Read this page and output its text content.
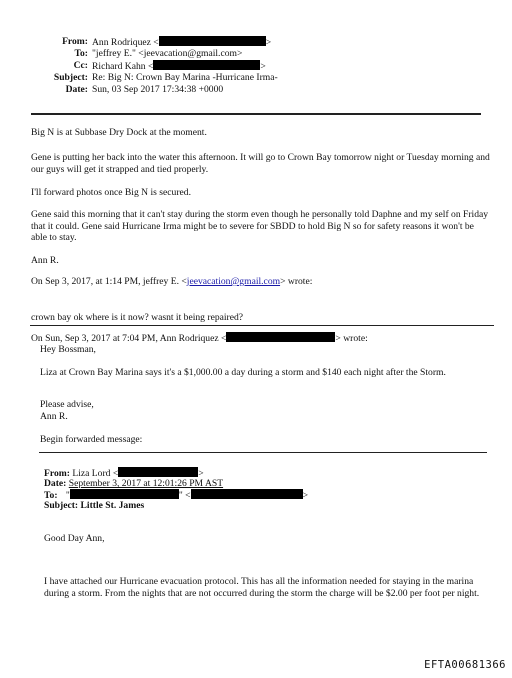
From: Ann Rodriquez <	>
To: "jeffrey E." <jeevacation@gmail.com>
Cc: Richard Kahn <	>
Subject: Re: Big N: Crown Bay Marina -Hurricane Irma-
Date: Sun, 03 Sep 2017 17:34:38 +0000
Big N is at Subbase Dry Dock at the moment.
Gene is putting her back into the water this afternoon. It will go to Crown Bay tomorrow night or Tuesday morning and our guys will get it strapped and tied properly.
I'll forward photos once Big N is secured.
Gene said this morning that it can't stay during the storm even though he personally told Daphne and my self on Friday that it could. Gene said Hurricane Irma might be to severe for SBDD to hold Big N so for safety reasons it won't be able to stay.
Ann R.
On Sep 3, 2017, at 1:14 PM, jeffrey E. <jeevacation@gmail.com> wrote:
crown bay ok where is it now? wasnt it being repaired?
On Sun, Sep 3, 2017 at 7:04 PM, Ann Rodriquez <	> wrote:
Hey Bossman,
Liza at Crown Bay Marina says it's a $1,000.00 a day during a storm and $140 each night after the Storm.
Please advise,
Ann R.
Begin forwarded message:
From: Liza Lord <	>
Date: September 3, 2017 at 12:01:26 PM AST
To: "	" <	>
Subject: Little St. James
Good Day Ann,
I have attached our Hurricane evacuation protocol. This has all the information needed for staying in the marina during a storm. From the nights that are not occurred during the storm the charge will be $2.00 per foot per night.
EFTA00681366
